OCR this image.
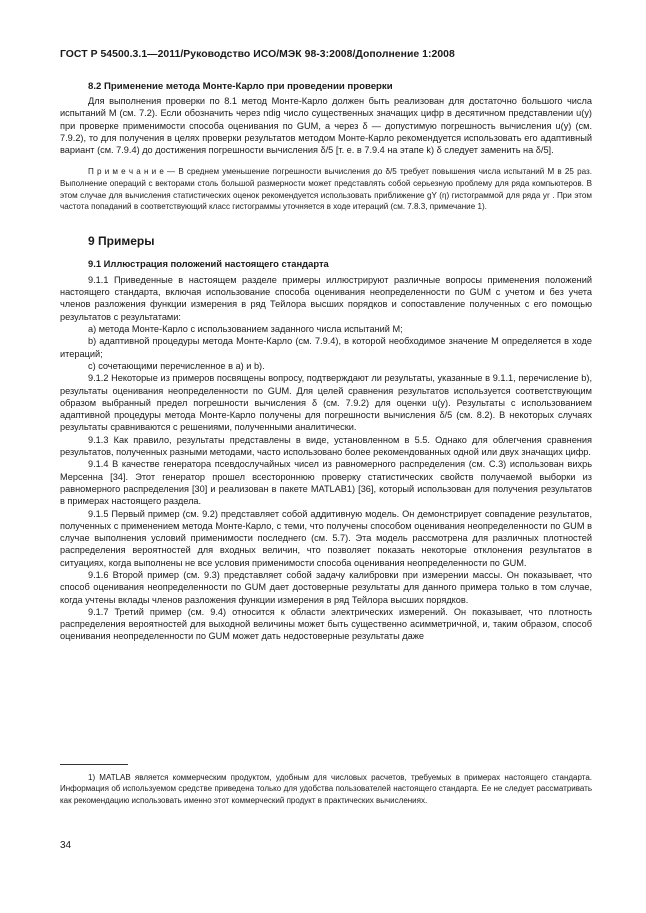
ГОСТ Р 54500.3.1—2011/Руководство ИСО/МЭК 98-3:2008/Дополнение 1:2008
8.2 Применение метода Монте-Карло при проведении проверки

Для выполнения проверки по 8.1 метод Монте-Карло должен быть реализован для достаточно большого числа испытаний M (см. 7.2). Если обозначить через ndig число существенных значащих цифр в десятичном представлении u(y) при проверке применимости способа оценивания по GUM, а через δ — допустимую погрешность вычисления u(y) (см. 7.9.2), то для получения в целях проверки результатов методом Монте-Карло рекомендуется использовать его адаптивный вариант (см. 7.9.4) до достижения погрешности вычисления δ/5 [т. е. в 7.9.4 на этапе k) δ следует заменить на δ/5].

П р и м е ч а н и е — В среднем уменьшение погрешности вычисления до δ/5 требует повышения числа испытаний M в 25 раз. Выполнение операций с векторами столь большой размерности может представлять собой серьезную проблему для ряда компьютеров. В этом случае для вычисления статистических оценок рекомендуется использовать приближение gY (η) гистограммой для ряда yr . При этом частота попаданий в соответствующий класс гистограммы уточняется в ходе итераций (см. 7.8.3, примечание 1).
9 Примеры
9.1 Иллюстрация положений настоящего стандарта

9.1.1 Приведенные в настоящем разделе примеры иллюстрируют различные вопросы применения положений настоящего стандарта, включая использование способа оценивания неопределенности по GUM с учетом и без учета членов разложения функции измерения в ряд Тейлора высших порядков и сопоставление полученных с его помощью результатов с результатами:

а) метода Монте-Карло с использованием заданного числа испытаний M;

b) адаптивной процедуры метода Монте-Карло (см. 7.9.4), в которой необходимое значение M определяется в ходе итераций;

c) сочетающими перечисленное в а) и b).

9.1.2 Некоторые из примеров посвящены вопросу, подтверждают ли результаты, указанные в 9.1.1, перечисление b), результаты оценивания неопределенности по GUM. Для целей сравнения результатов используется соответствующим образом выбранный предел погрешности вычисления δ (см. 7.9.2) для оценки u(y). Результаты с использованием адаптивной процедуры метода Монте-Карло получены для погрешности вычисления δ/5 (см. 8.2). В некоторых случаях результаты сравниваются с решениями, полученными аналитически.

9.1.3 Как правило, результаты представлены в виде, установленном в 5.5. Однако для облегчения сравнения результатов, полученных разными методами, часто использовано более рекомендованных одной или двух значащих цифр.

9.1.4 В качестве генератора псевдослучайных чисел из равномерного распределения (см. C.3) использован вихрь Мерсенна [34]. Этот генератор прошел всестороннюю проверку статистических свойств получаемой выборки из равномерного распределения [30] и реализован в пакете MATLAB1) [36], который использован для получения результатов в примерах настоящего раздела.

9.1.5 Первый пример (см. 9.2) представляет собой аддитивную модель. Он демонстрирует совпадение результатов, полученных с применением метода Монте-Карло, с теми, что получены способом оценивания неопределенности по GUM в случае выполнения условий применимости последнего (см. 5.7). Эта модель рассмотрена для различных плотностей распределения вероятностей для входных величин, что позволяет показать некоторые отклонения результатов в ситуациях, когда выполнены не все условия применимости способа оценивания неопределенности по GUM.

9.1.6 Второй пример (см. 9.3) представляет собой задачу калибровки при измерении массы. Он показывает, что способ оценивания неопределенности по GUM дает достоверные результаты для данного примера только в том случае, когда учтены вклады членов разложения функции измерения в ряд Тейлора высших порядков.

9.1.7 Третий пример (см. 9.4) относится к области электрических измерений. Он показывает, что плотность распределения вероятностей для выходной величины может быть существенно асимметричной, и, таким образом, способ оценивания неопределенности по GUM может дать недостоверные результаты даже

1) MATLAB является коммерческим продуктом, удобным для числовых расчетов, требуемых в примерах настоящего стандарта. Информация об используемом средстве приведена только для удобства пользователей настоящего стандарта. Ее не следует рассматривать как рекомендацию использовать именно этот коммерческий продукт в практических вычислениях.
34
